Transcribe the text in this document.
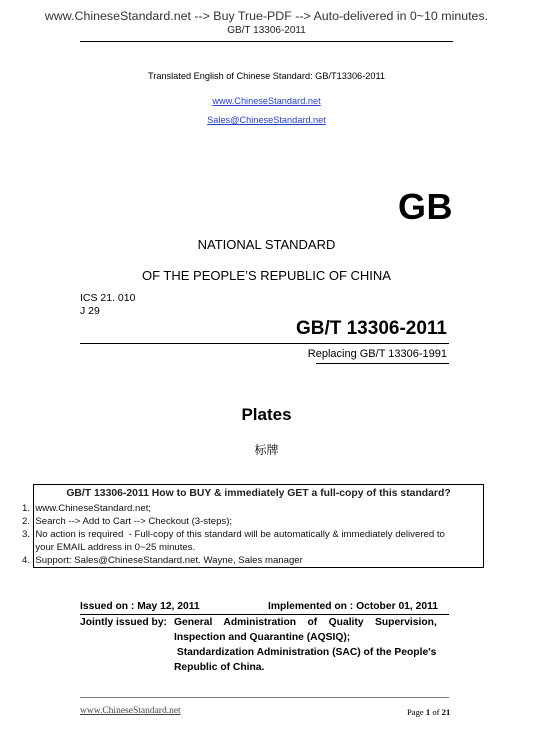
www.ChineseStandard.net --> Buy True-PDF --> Auto-delivered in 0~10 minutes.
GB/T 13306-2011
Translated English of Chinese Standard: GB/T13306-2011
www.ChineseStandard.net
Sales@ChineseStandard.net
GB
NATIONAL STANDARD
OF THE PEOPLE’S REPUBLIC OF CHINA
ICS 21. 010
J 29
GB/T 13306-2011
Replacing GB/T 13306-1991
Plates
标牌
GB/T 13306-2011 How to BUY & immediately GET a full-copy of this standard?
1.  www.ChineseStandard.net;
2.  Search --> Add to Cart --> Checkout (3-steps);
3.  No action is required  - Full-copy of this standard will be automatically & immediately delivered to
your EMAIL address in 0~25 minutes.
4.  Support: Sales@ChineseStandard.net. Wayne, Sales manager
Issued on : May 12, 2011	Implemented on : October 01, 2011
Jointly issued by: General    Administration    of    Quality    Supervision,
Inspection and Quarantine (AQSIQ);
Standardization Administration (SAC) of the People's
Republic of China.
www.ChineseStandard.net	Page 1 of 21
